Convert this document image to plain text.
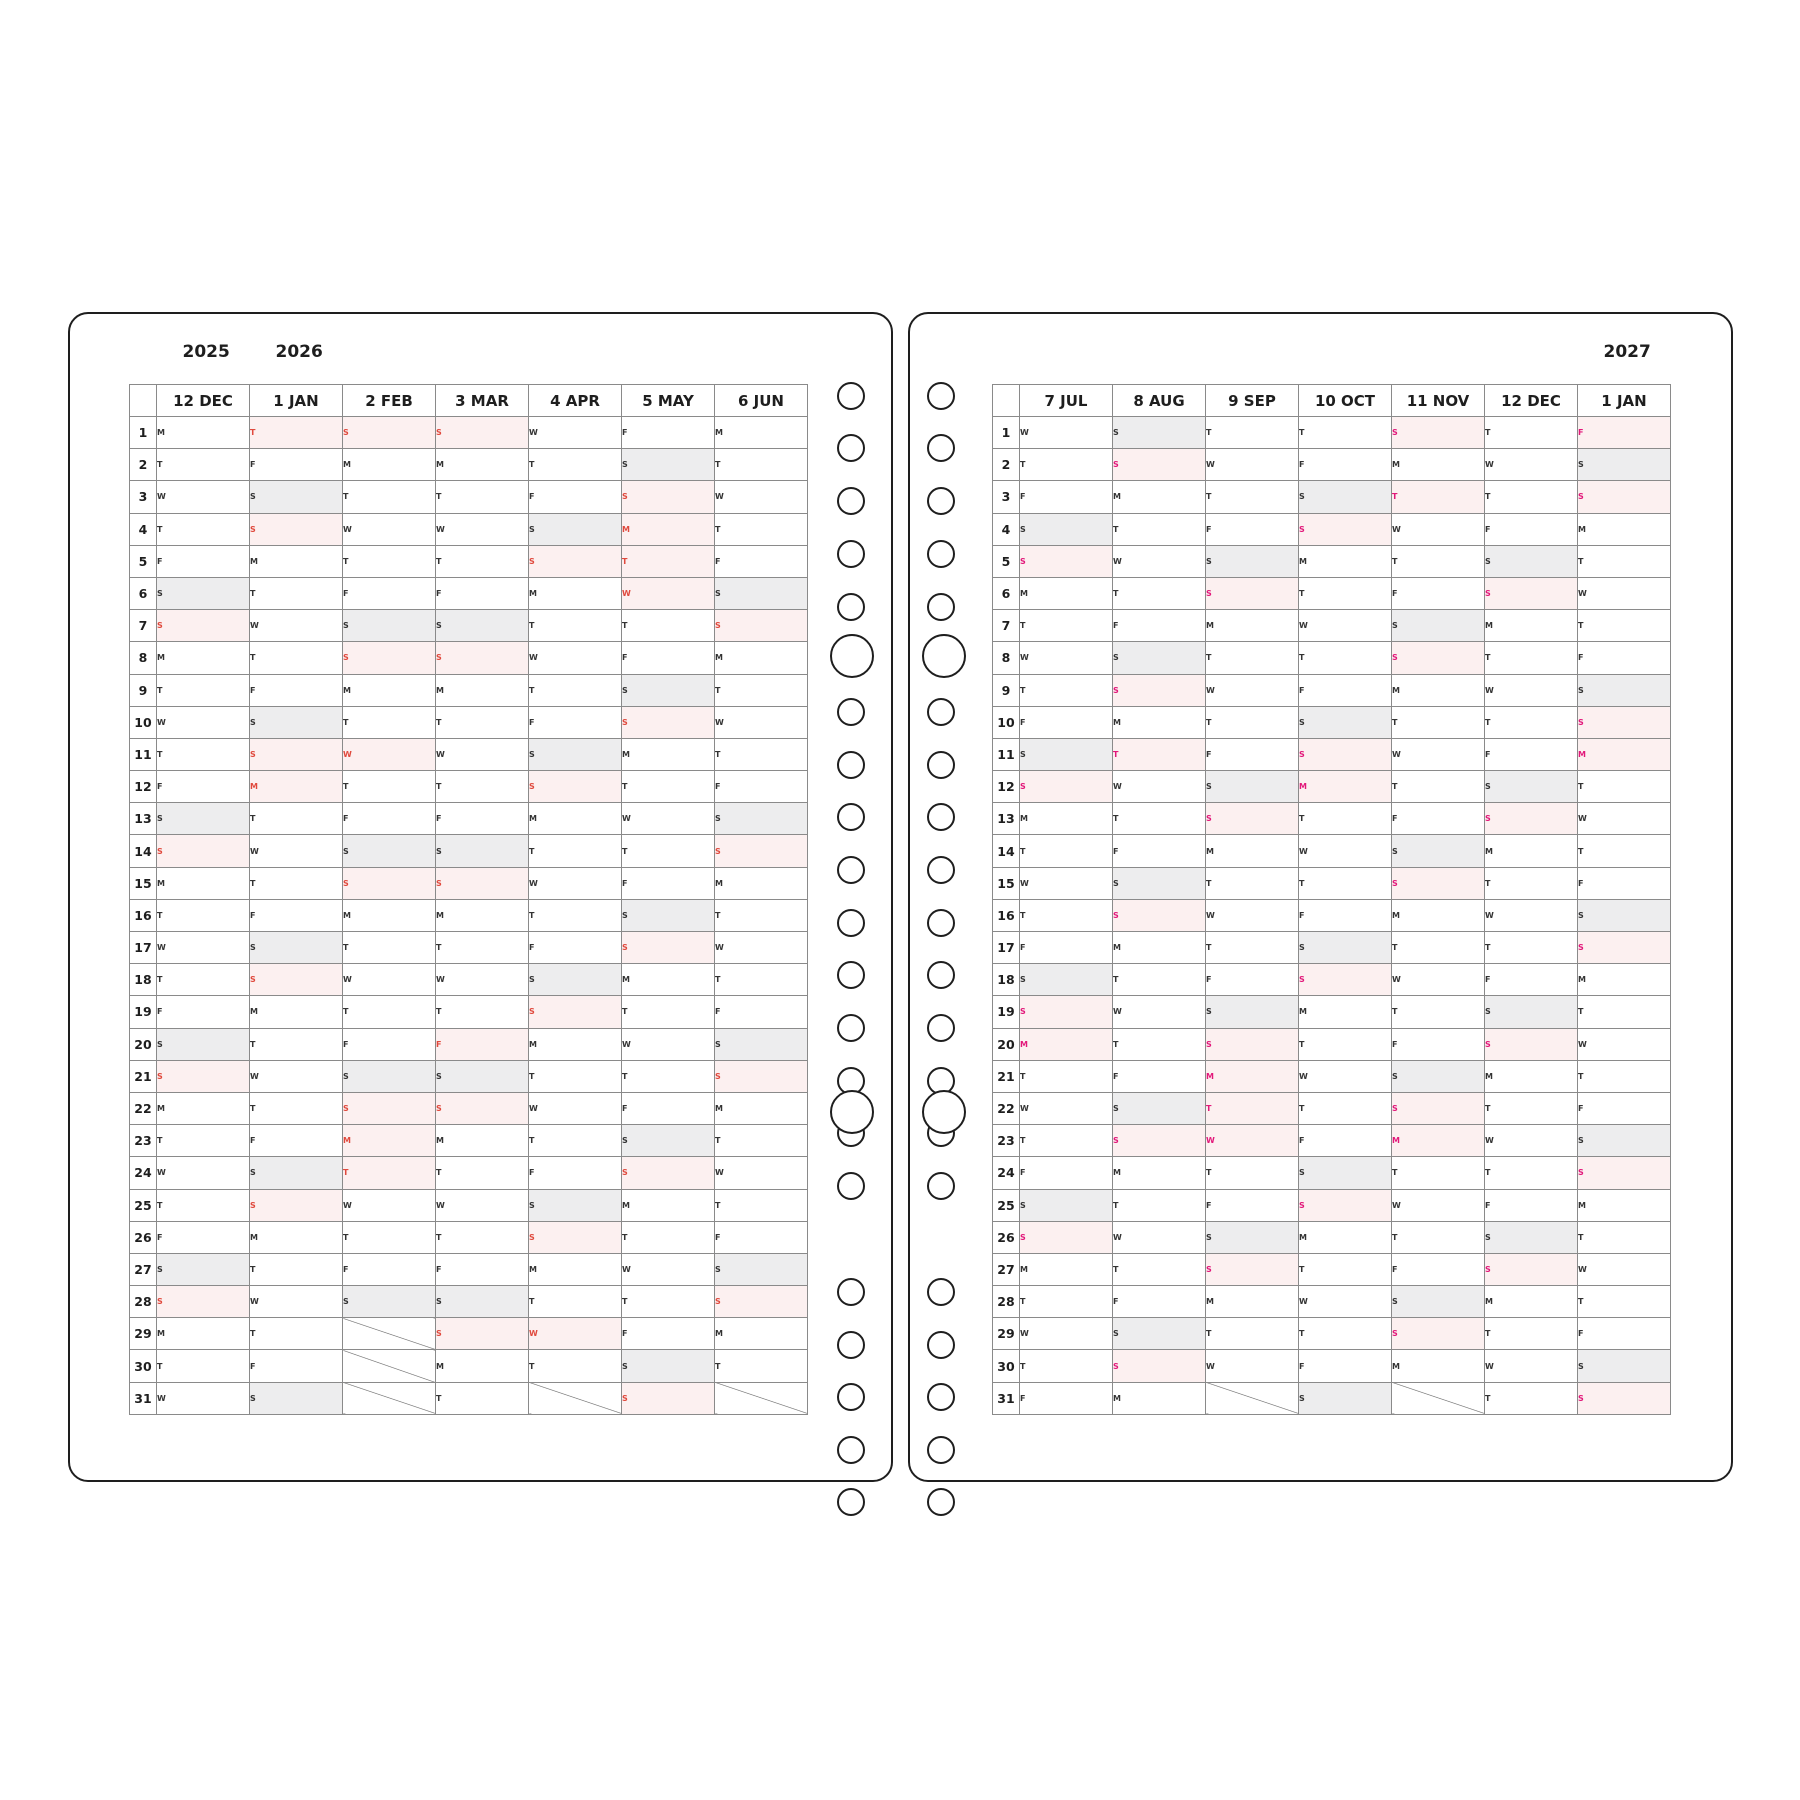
2025	2026
	12 DEC	1 JAN	2 FEB	3 MAR	4 APR	5 MAY	6 JUN
1	M	T	S	S	W	F	M
2	T	F	M	M	T	S	T
3	W	S	T	T	F	S	W
4	T	S	W	W	S	M	T
5	F	M	T	T	S	T	F
6	S	T	F	F	M	W	S
7	S	W	S	S	T	T	S
8	M	T	S	S	W	F	M
9	T	F	M	M	T	S	T
10	W	S	T	T	F	S	W
11	T	S	W	W	S	M	T
12	F	M	T	T	S	T	F
13	S	T	F	F	M	W	S
14	S	W	S	S	T	T	S
15	M	T	S	S	W	F	M
16	T	F	M	M	T	S	T
17	W	S	T	T	F	S	W
18	T	S	W	W	S	M	T
19	F	M	T	T	S	T	F
20	S	T	F	F	M	W	S
21	S	W	S	S	T	T	S
22	M	T	S	S	W	F	M
23	T	F	M	M	T	S	T
24	W	S	T	T	F	S	W
25	T	S	W	W	S	M	T
26	F	M	T	T	S	T	F
27	S	T	F	F	M	W	S
28	S	W	S	S	T	T	S
29	M	T		S	W	F	M
30	T	F		M	T	S	T
31	W	S		T		S	
2027
	7 JUL	8 AUG	9 SEP	10 OCT	11 NOV	12 DEC	1 JAN
1	W	S	T	T	S	T	F
2	T	S	W	F	M	W	S
3	F	M	T	S	T	T	S
4	S	T	F	S	W	F	M
5	S	W	S	M	T	S	T
6	M	T	S	T	F	S	W
7	T	F	M	W	S	M	T
8	W	S	T	T	S	T	F
9	T	S	W	F	M	W	S
10	F	M	T	S	T	T	S
11	S	T	F	S	W	F	M
12	S	W	S	M	T	S	T
13	M	T	S	T	F	S	W
14	T	F	M	W	S	M	T
15	W	S	T	T	S	T	F
16	T	S	W	F	M	W	S
17	F	M	T	S	T	T	S
18	S	T	F	S	W	F	M
19	S	W	S	M	T	S	T
20	M	T	S	T	F	S	W
21	T	F	M	W	S	M	T
22	W	S	T	T	S	T	F
23	T	S	W	F	M	W	S
24	F	M	T	S	T	T	S
25	S	T	F	S	W	F	M
26	S	W	S	M	T	S	T
27	M	T	S	T	F	S	W
28	T	F	M	W	S	M	T
29	W	S	T	T	S	T	F
30	T	S	W	F	M	W	S
31	F	M		S		T	S
